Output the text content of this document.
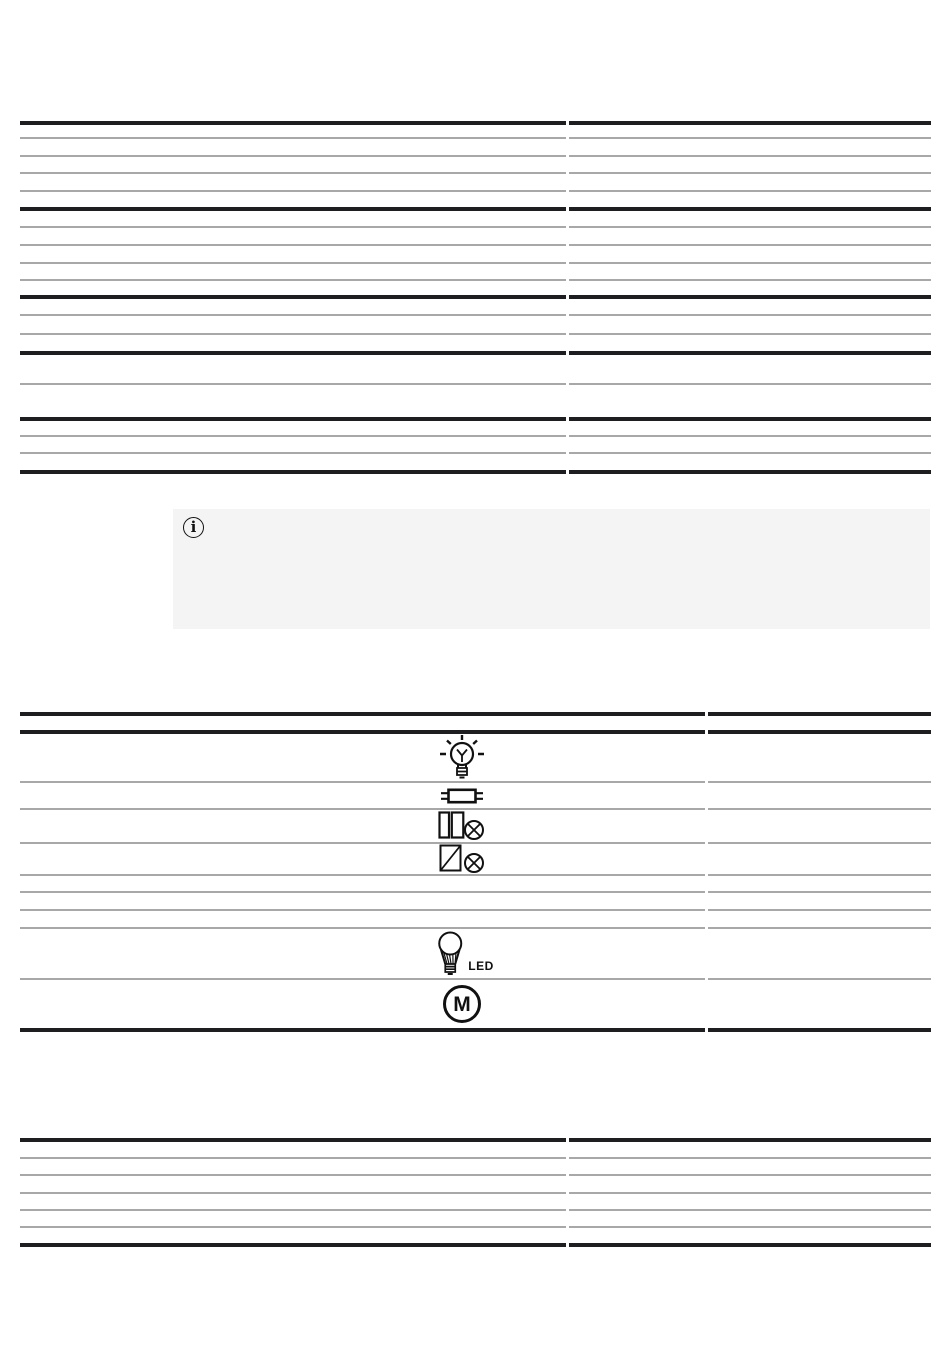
i
LED
M
